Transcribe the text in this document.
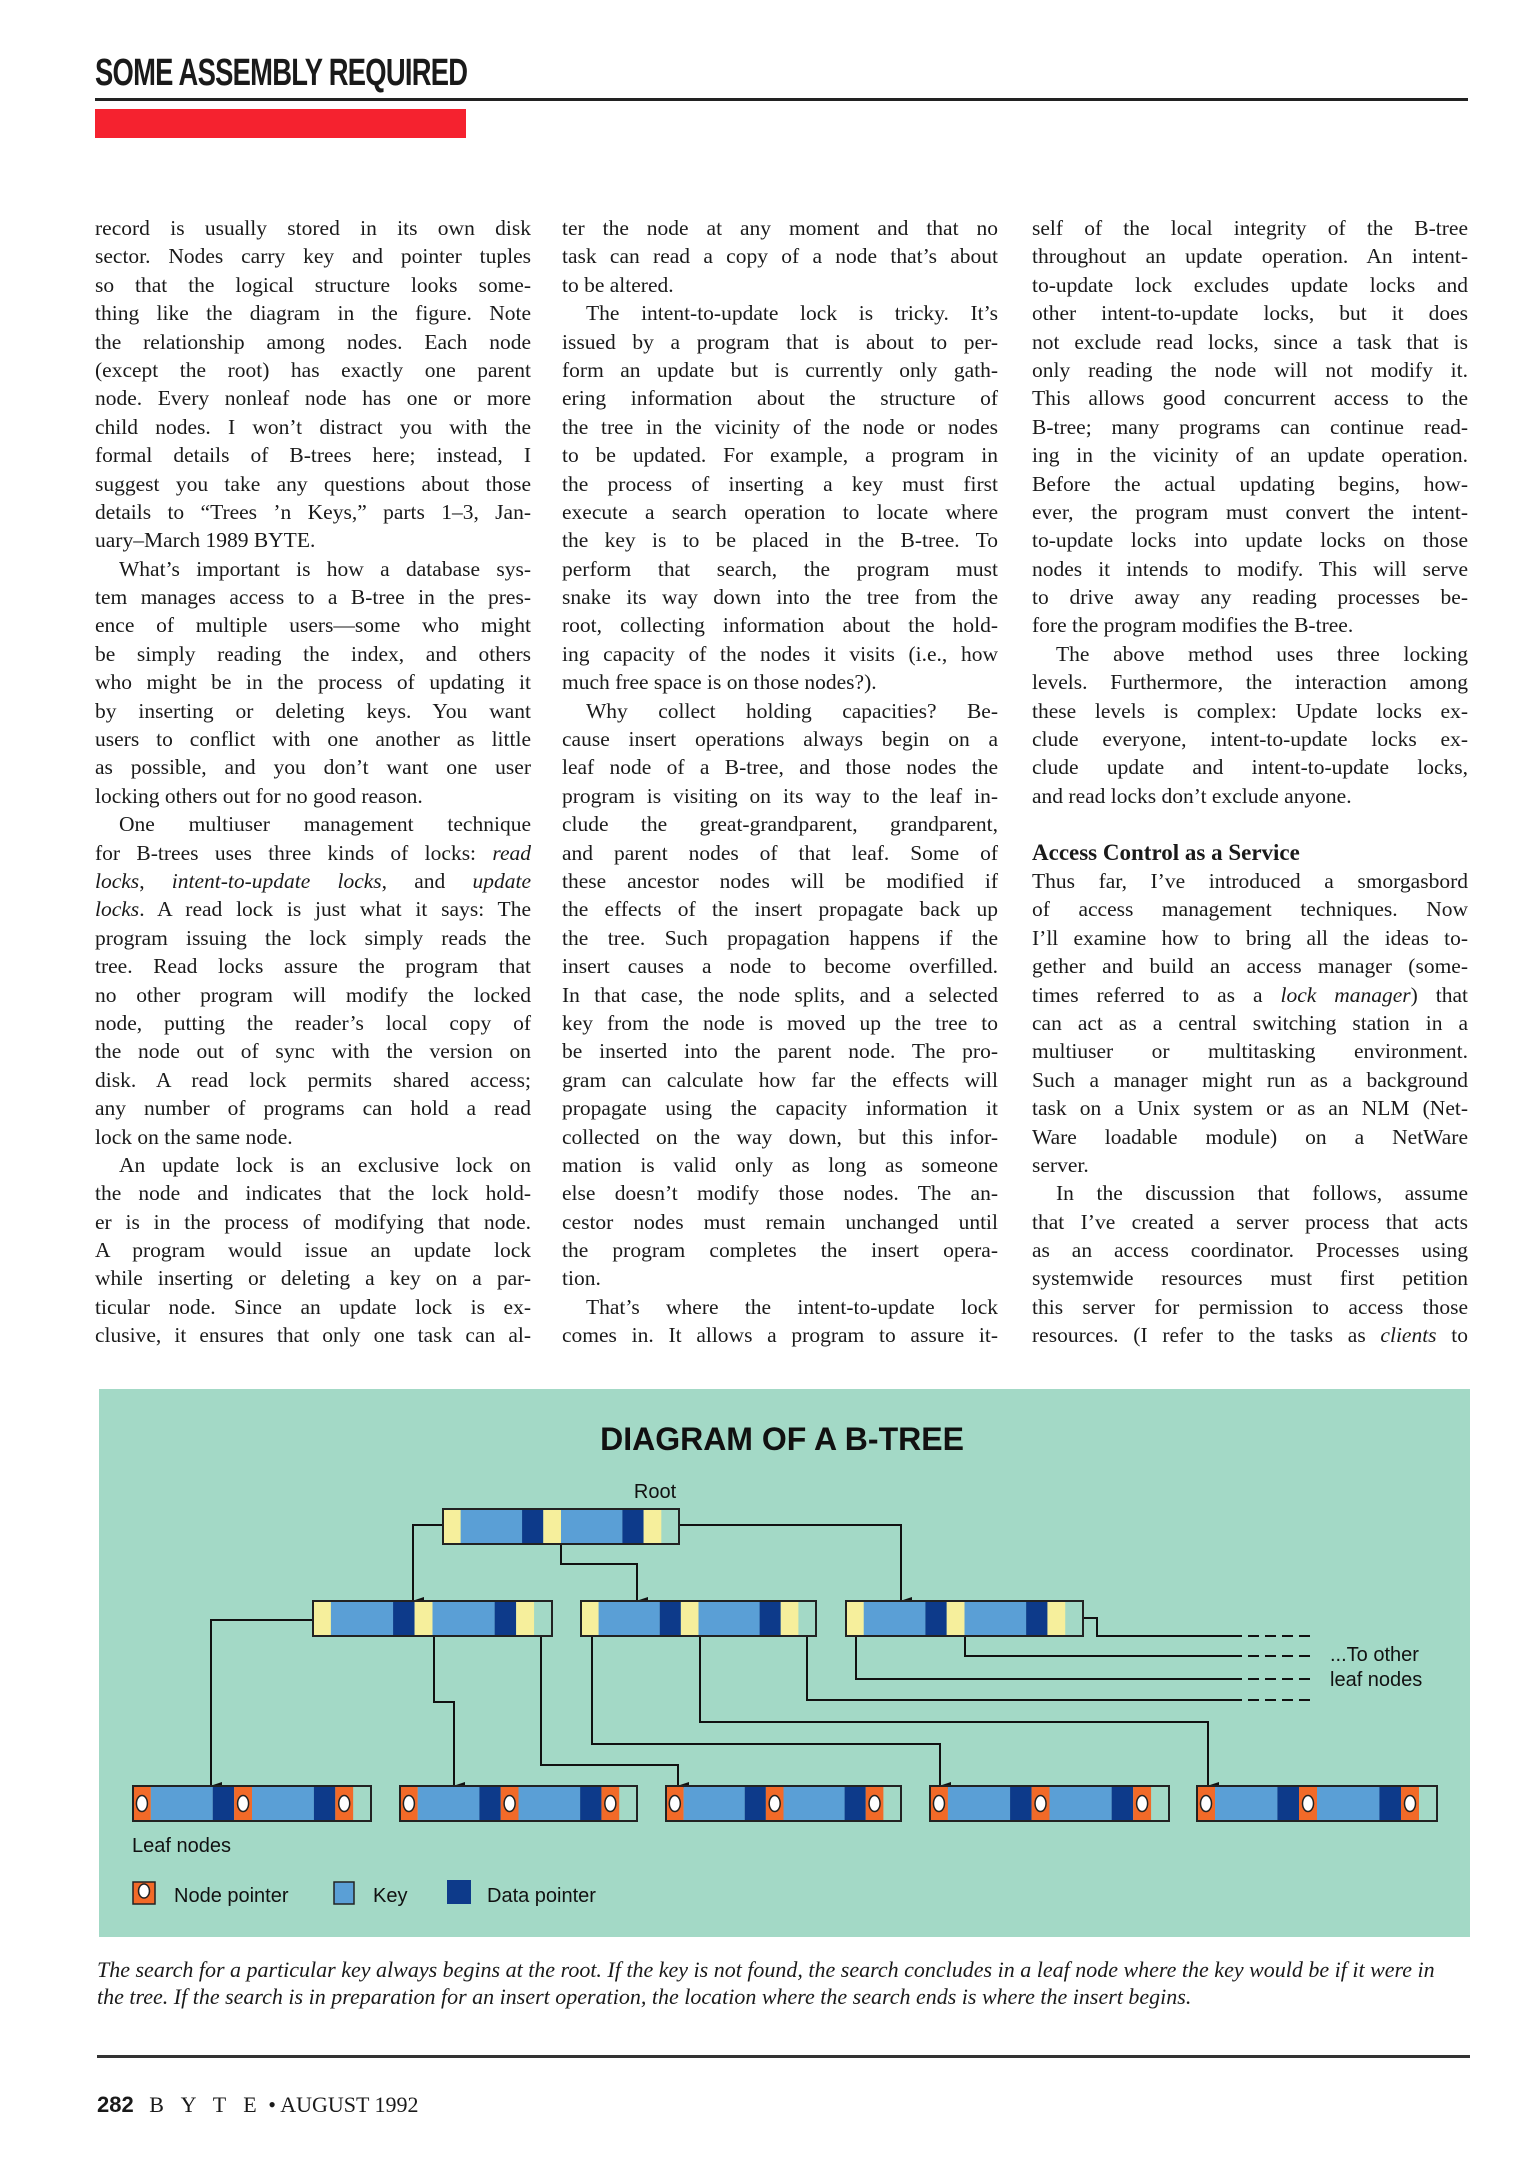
SOME ASSEMBLY REQUIRED
record is usually stored in its own disk
sector. Nodes carry key and pointer tuples
so that the logical structure looks some-
thing like the diagram in the figure. Note
the relationship among nodes. Each node
(except the root) has exactly one parent
node. Every nonleaf node has one or more
child nodes. I won’t distract you with the
formal details of B-trees here; instead, I
suggest you take any questions about those
details to “Trees ’n Keys,” parts 1–3, Jan-
uary–March 1989 BYTE.
What’s important is how a database sys-
tem manages access to a B-tree in the pres-
ence of multiple users—some who might
be simply reading the index, and others
who might be in the process of updating it
by inserting or deleting keys. You want
users to conflict with one another as little
as possible, and you don’t want one user
locking others out for no good reason.
One multiuser management technique
for B-trees uses three kinds of locks: read
locks, intent-to-update locks, and update
locks. A read lock is just what it says: The
program issuing the lock simply reads the
tree. Read locks assure the program that
no other program will modify the locked
node, putting the reader’s local copy of
the node out of sync with the version on
disk. A read lock permits shared access;
any number of programs can hold a read
lock on the same node.
An update lock is an exclusive lock on
the node and indicates that the lock hold-
er is in the process of modifying that node.
A program would issue an update lock
while inserting or deleting a key on a par-
ticular node. Since an update lock is ex-
clusive, it ensures that only one task can al-
ter the node at any moment and that no
task can read a copy of a node that’s about
to be altered.
The intent-to-update lock is tricky. It’s
issued by a program that is about to per-
form an update but is currently only gath-
ering information about the structure of
the tree in the vicinity of the node or nodes
to be updated. For example, a program in
the process of inserting a key must first
execute a search operation to locate where
the key is to be placed in the B-tree. To
perform that search, the program must
snake its way down into the tree from the
root, collecting information about the hold-
ing capacity of the nodes it visits (i.e., how
much free space is on those nodes?).
Why collect holding capacities? Be-
cause insert operations always begin on a
leaf node of a B-tree, and those nodes the
program is visiting on its way to the leaf in-
clude the great-grandparent, grandparent,
and parent nodes of that leaf. Some of
these ancestor nodes will be modified if
the effects of the insert propagate back up
the tree. Such propagation happens if the
insert causes a node to become overfilled.
In that case, the node splits, and a selected
key from the node is moved up the tree to
be inserted into the parent node. The pro-
gram can calculate how far the effects will
propagate using the capacity information it
collected on the way down, but this infor-
mation is valid only as long as someone
else doesn’t modify those nodes. The an-
cestor nodes must remain unchanged until
the program completes the insert opera-
tion.
That’s where the intent-to-update lock
comes in. It allows a program to assure it-
self of the local integrity of the B-tree
throughout an update operation. An intent-
to-update lock excludes update locks and
other intent-to-update locks, but it does
not exclude read locks, since a task that is
only reading the node will not modify it.
This allows good concurrent access to the
B-tree; many programs can continue read-
ing in the vicinity of an update operation.
Before the actual updating begins, how-
ever, the program must convert the intent-
to-update locks into update locks on those
nodes it intends to modify. This will serve
to drive away any reading processes be-
fore the program modifies the B-tree.
The above method uses three locking
levels. Furthermore, the interaction among
these levels is complex: Update locks ex-
clude everyone, intent-to-update locks ex-
clude update and intent-to-update locks,
and read locks don’t exclude anyone.
Access Control as a Service
Thus far, I’ve introduced a smorgasbord
of access management techniques. Now
I’ll examine how to bring all the ideas to-
gether and build an access manager (some-
times referred to as a lock manager) that
can act as a central switching station in a
multiuser or multitasking environment.
Such a manager might run as a background
task on a Unix system or as an NLM (Net-
Ware loadable module) on a NetWare
server.
In the discussion that follows, assume
that I’ve created a server process that acts
as an access coordinator. Processes using
systemwide resources must first petition
this server for permission to access those
resources. (I refer to the tasks as clients to
DIAGRAM OF A B-TREE
Root
...To other
leaf nodes
Leaf nodes
Node pointer	Key	Data pointer
The search for a particular key always begins at the root. If the key is not found, the search concludes in a leaf node where the key would be if it were in the tree. If the search is in preparation for an insert operation, the location where the search ends is where the insert begins.
282 B Y T E • AUGUST 1992
